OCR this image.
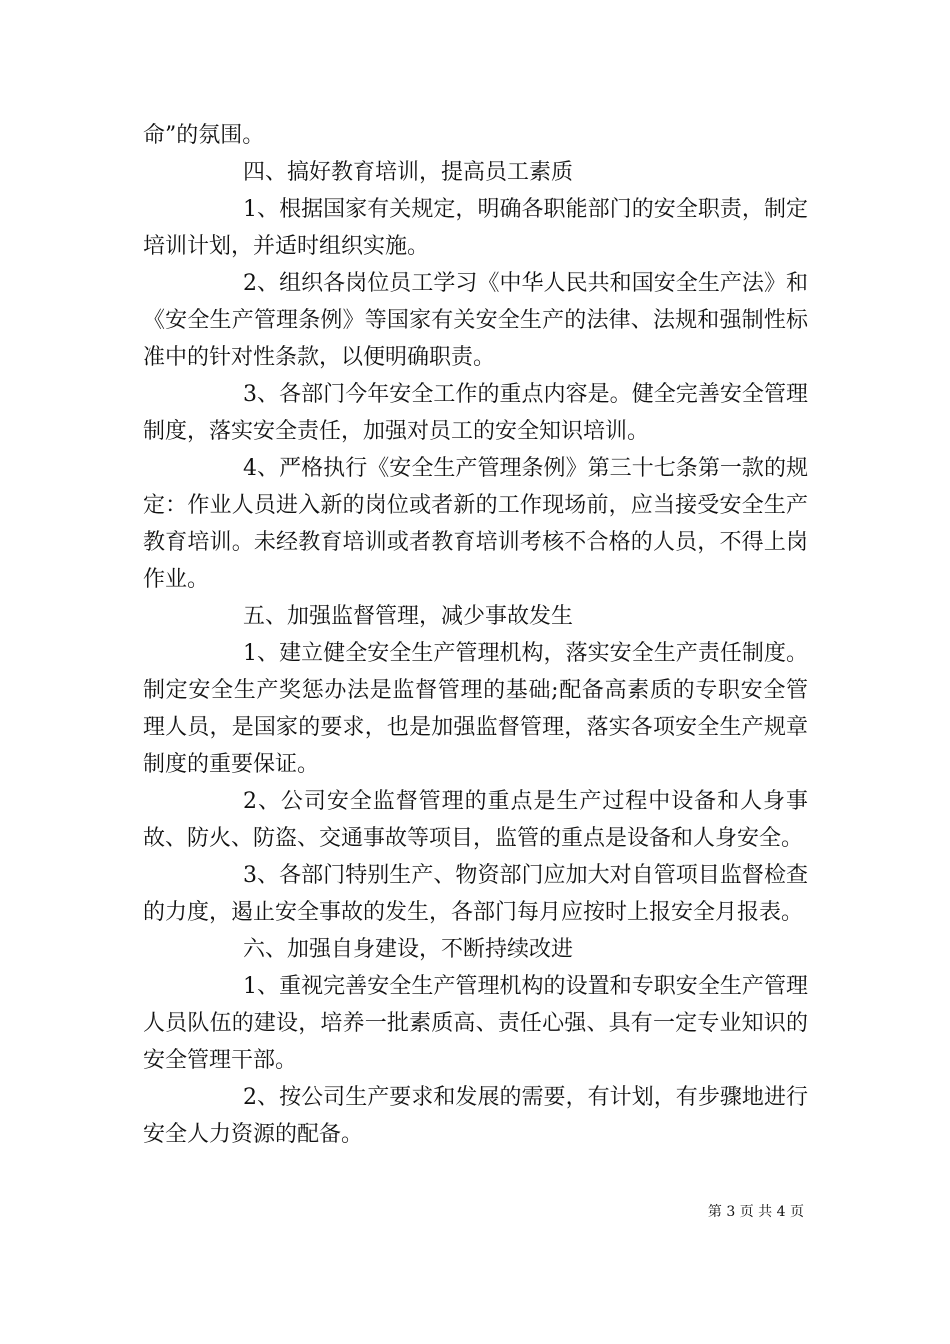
命”的氛围。

四、搞好教育培训，提高员工素质

1、根据国家有关规定，明确各职能部门的安全职责，制定培训计划，并适时组织实施。

2、组织各岗位员工学习《中华人民共和国安全生产法》和《安全生产管理条例》等国家有关安全生产的法律、法规和强制性标准中的针对性条款，以便明确职责。

3、各部门今年安全工作的重点内容是。健全完善安全管理制度，落实安全责任，加强对员工的安全知识培训。

4、严格执行《安全生产管理条例》第三十七条第一款的规定：作业人员进入新的岗位或者新的工作现场前，应当接受安全生产教育培训。未经教育培训或者教育培训考核不合格的人员，不得上岗作业。

五、加强监督管理，减少事故发生

1、建立健全安全生产管理机构，落实安全生产责任制度。制定安全生产奖惩办法是监督管理的基础;配备高素质的专职安全管理人员，是国家的要求，也是加强监督管理，落实各项安全生产规章制度的重要保证。

2、公司安全监督管理的重点是生产过程中设备和人身事故、防火、防盗、交通事故等项目，监管的重点是设备和人身安全。

3、各部门特别生产、物资部门应加大对自管项目监督检查的力度，遏止安全事故的发生，各部门每月应按时上报安全月报表。

六、加强自身建设，不断持续改进

1、重视完善安全生产管理机构的设置和专职安全生产管理人员队伍的建设，培养一批素质高、责任心强、具有一定专业知识的安全管理干部。

2、按公司生产要求和发展的需要，有计划，有步骤地进行安全人力资源的配备。

第 3 页 共 4 页
